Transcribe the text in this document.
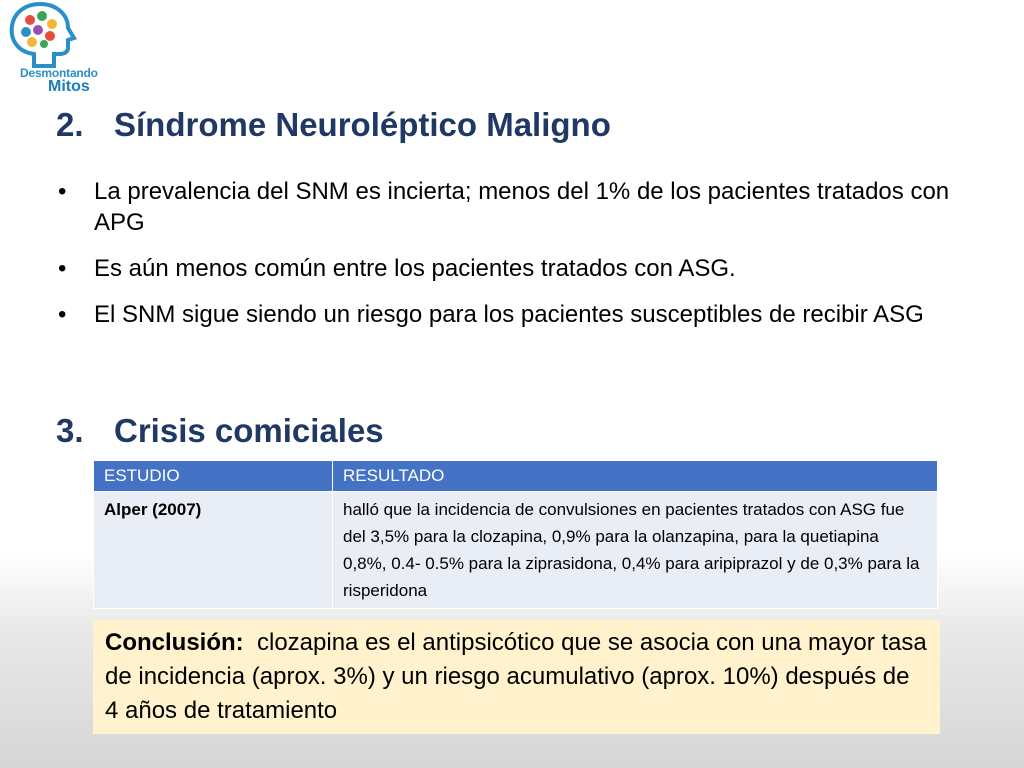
Desmontando
Mitos
2. Síndrome Neuroléptico Maligno
• La prevalencia del SNM es incierta; menos del 1% de los pacientes tratados con APG
• Es aún menos común entre los pacientes tratados con ASG.
• El SNM sigue siendo un riesgo para los pacientes susceptibles de recibir ASG
3. Crisis comiciales
ESTUDIO	RESULTADO
Alper (2007)	halló que la incidencia de convulsiones en pacientes tratados con ASG fue del 3,5% para la clozapina, 0,9% para la olanzapina, para la quetiapina 0,8%, 0.4- 0.5% para la ziprasidona, 0,4% para aripiprazol y de 0,3% para la risperidona
Conclusión: clozapina es el antipsicótico que se asocia con una mayor tasa de incidencia (aprox. 3%) y un riesgo acumulativo (aprox. 10%) después de 4 años de tratamiento
